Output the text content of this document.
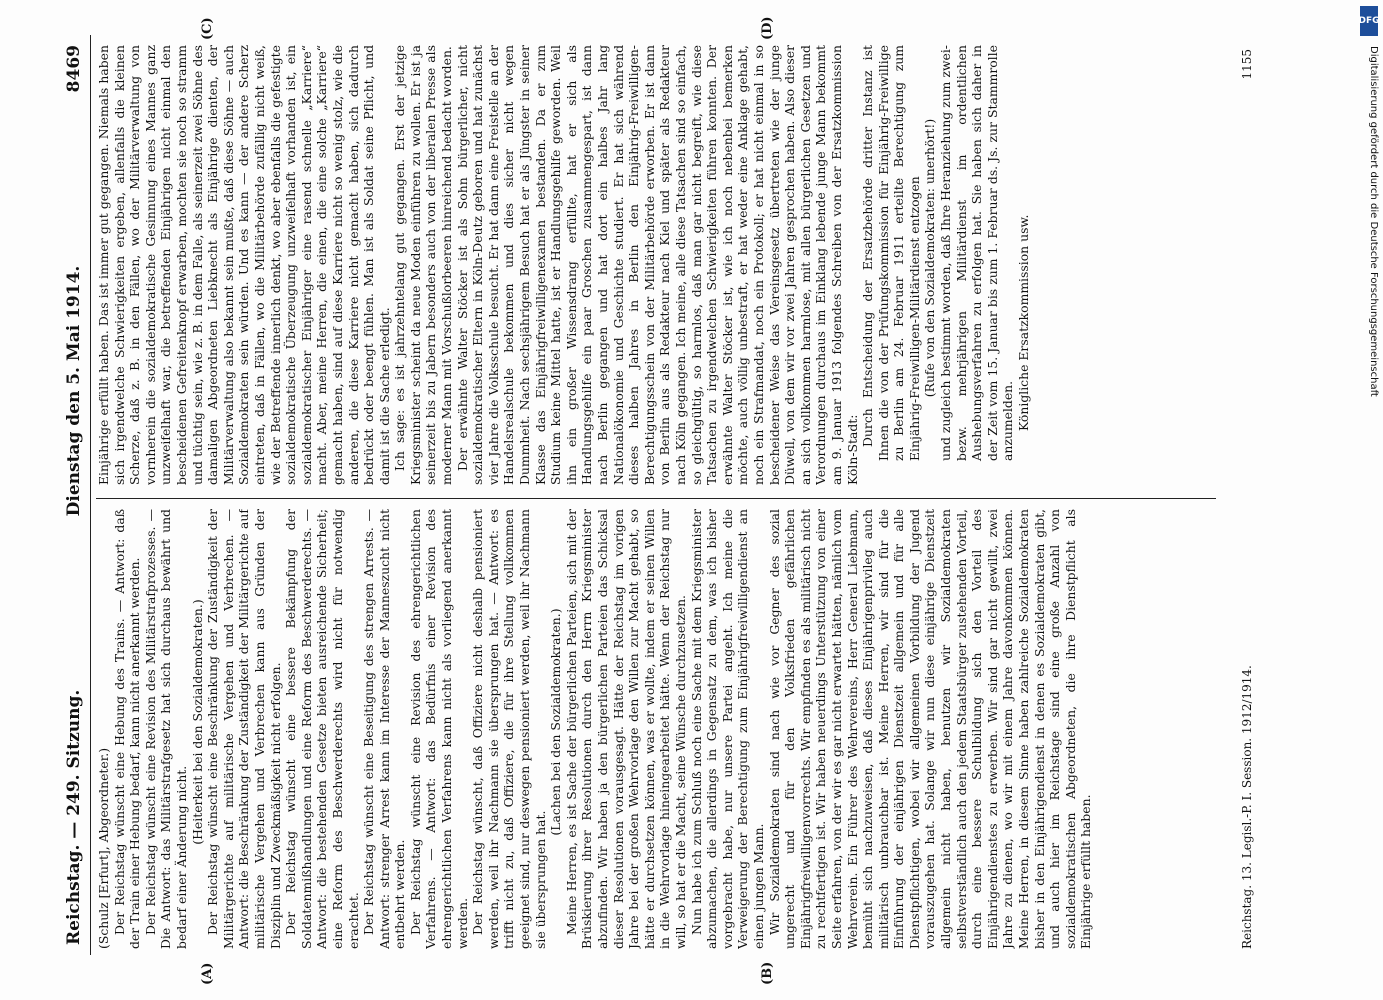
Reichstag. — 249. Sitzung.
Dienstag den 5. Mai 1914.
8469

(Schulz [Erfurt], Abgeordneter.) Der Reichstag wünscht eine Hebung des Trains. — Antwort: daß der Train einer Hebung bedarf, kann nicht anerkannt werden. Der Reichstag wünscht eine Revision des Militärstrafprozesses. — Die Antwort: das Militärstrafgesetz hat sich durchaus bewährt und bedarf einer Änderung nicht.

(Heiterkeit bei den Sozialdemokraten.) Der Reichstag wünscht eine Beschränkung der Zuständigkeit der Militärgerichte auf militärische Vergehen und Verbrechen. — Antwort: die Beschränkung der Zuständigkeit der Militärgerichte auf militärische Vergehen und Verbrechen kann aus Gründen der Disziplin und Zweckmäßigkeit nicht erfolgen. Der Reichstag wünscht eine bessere Bekämpfung der Soldatenmißhandlungen und eine Reform des Beschwerderechts. — Antwort: die bestehenden Gesetze bieten ausreichende Sicherheit; eine Reform des Beschwerderechts wird nicht für notwendig erachtet. Der Reichstag wünscht eine Beseitigung des strengen Arrests. — Antwort: strenger Arrest kann im Interesse der Manneszucht nicht entbehrt werden. Der Reichstag wünscht eine Revision des ehrengerichtlichen Verfahrens. — Antwort: das Bedürfnis einer Revision des ehrengerichtlichen Verfahrens kann nicht als vorliegend anerkannt werden. Der Reichstag wünscht, daß Offiziere nicht deshalb pensioniert werden, weil ihr Nachmann sie übersprungen hat. — Antwort: es trifft nicht zu, daß Offiziere, die für ihre Stellung vollkommen geeignet sind, nur deswegen pensioniert werden, weil ihr Nachmann sie übersprungen hat.

(Lachen bei den Sozialdemokraten.) Meine Herren, es ist Sache der bürgerlichen Parteien, sich mit der Brüskierung ihrer Resolutionen durch den Herrn Kriegsminister abzufinden. Wir haben ja den bürgerlichen Parteien das Schicksal dieser Resolutionen vorausgesagt. Hätte der Reichstag im vorigen Jahre bei der großen Wehrvorlage den Willen zur Macht gehabt, so hätte er durchsetzen können, was er wollte, indem er seinen Willen in die Wehrvorlage hineingearbeitet hätte. Wenn der Reichstag nur will, so hat er die Macht, seine Wünsche durchzusetzen. Nun habe ich zum Schluß noch eine Sache mit dem Kriegsminister abzumachen, die allerdings in Gegensatz zu dem, was ich bisher vorgebracht habe, nur unsere Partei angeht. Ich meine die Verweigerung der Berechtigung zum Einjährigfreiwilligendienst an einen jungen Mann. Wir Sozialdemokraten sind nach wie vor Gegner des sozial ungerecht und für den Volksfrieden gefährlichen Einjährigfreiwilligenvorrechts. Wir empfinden es als militärisch nicht zu rechtfertigen ist. Wir haben neuerdings Unterstützung von einer Seite erfahren, von der wir es gar nicht erwartet hätten, nämlich vom Wehrverein. Ein Führer des Wehrvereins, Herr General Liebmann, bemüht sich nachzuweisen, daß dieses Einjährigenprivileg auch militärisch unbrauchbar ist. Meine Herren, wir sind für die Einführung der einjährigen Dienstzeit allgemein und für alle Dienstpflichtigen, wobei wir allgemeinen Vorbildung der Jugend vorauszugehen hat. Solange wir nun diese einjährige Dienstzeit allgemein nicht haben, benutzen wir Sozialdemokraten selbstverständlich auch den jedem Staatsbürger zustehenden Vorteil, durch eine bessere Schulbildung sich den Vorteil des Einjährigendienstes zu erwerben. Wir sind gar nicht gewillt, zwei Jahre zu dienen, wo wir mit einem Jahre davonkommen können. Meine Herren, in diesem Sinne haben zahlreiche Sozialdemokraten bisher in den Einjährigendienst in denen es Sozialdemokraten gibt, und auch hier im Reichstage sind eine große Anzahl von sozialdemokratischen Abgeordneten, die ihre Dienstpflicht als Einjährige erfüllt haben.

Einjährige erfüllt haben. Das ist immer gut gegangen. Niemals haben sich irgendwelche Schwierigkeiten ergeben, allenfalls die kleinen Scherze, daß z. B. in den Fällen, wo der Militärverwaltung von vornherein die sozialdemokratische Gesinnung eines Mannes ganz unzweifelhaft war, die betreffenden Einjährigen nicht einmal den bescheidenen Gefreitenknopf erwarben, mochten sie noch so stramm und tüchtig sein, wie z. B. in dem Falle, als seinerzeit zwei Söhne des damaligen Abgeordneten Liebknecht als Einjährige dienten, der Militärverwaltung also bekannt sein mußte, daß diese Söhne — auch Sozialdemokraten sein würden. Und es kann — der andere Scherz eintreten, daß in Fällen, wo die Militärbehörde zufällig nicht weiß, wie der Betreffende innerlich denkt, wo aber ebenfalls die gefestigte sozialdemokratische Überzeugung unzweifelhaft vorhanden ist, ein sozialdemokratischer Einjähriger eine rasend schnelle „Karriere“ macht. Aber, meine Herren, die einen, die eine solche „Karriere“ gemacht haben, sind auf diese Karriere nicht so wenig stolz, wie die anderen, die diese Karriere nicht gemacht haben, sich dadurch bedrückt oder beengt fühlen. Man ist als Soldat seine Pflicht, und damit ist die Sache erledigt. Ich sage: es ist jahrzehntelang gut gegangen. Erst der jetzige Kriegsminister scheint da neue Moden einführen zu wollen. Er ist ja seinerzeit bis zu Jabern besonders auch von der liberalen Presse als moderner Mann mit Vorschußlorbeeren hinreichend bedacht worden. Der erwähnte Walter Stöcker ist als Sohn bürgerlicher, nicht sozialdemokratischer Eltern in Köln-Deutz geboren und hat zunächst vier Jahre die Volksschule besucht. Er hat dann eine Freistelle an der Handelsrealschule bekommen und dies sicher nicht wegen Dummheit. Nach sechsjährigem Besuch hat er als Jüngster in seiner Klasse das Einjährigfreiwilligenexamen bestanden. Da er zum Studium keine Mittel hatte, ist er Handlungsgehilfe geworden. Weil ihn ein großer Wissensdrang erfüllte, hat er sich als Handlungsgehilfe ein paar Groschen zusammengespart, ist dann nach Berlin gegangen und hat dort ein halbes Jahr lang Nationalökonomie und Geschichte studiert. Er hat sich während dieses halben Jahres in Berlin den Einjährig-Freiwilligen-Berechtigungsschein von der Militärbehörde erworben. Er ist dann von Berlin aus als Redakteur nach Kiel und später als Redakteur nach Köln gegangen. Ich meine, alle diese Tatsachen sind so einfach, so gleichgültig, so harmlos, daß man gar nicht begreift, wie diese Tatsachen zu irgendwelchen Schwierigkeiten führen konnten. Der erwähnte Walter Stöcker ist, wie ich noch nebenbei bemerken möchte, auch völlig unbestraft, er hat weder eine Anklage gehabt, noch ein Strafmandat, noch ein Protokoll; er hat nicht einmal in so bescheidener Weise das Vereinsgesetz übertreten wie der junge Düwell, von dem wir vor zwei Jahren gesprochen haben. Also dieser an sich vollkommen harmlose, mit allen bürgerlichen Gesetzen und Verordnungen durchaus im Einklang lebende junge Mann bekommt am 9. Januar 1913 folgendes Schreiben von der Ersatzkommission Köln-Stadt:

Durch Entscheidung der Ersatzbehörde dritter Instanz ist Ihnen die von der Prüfungskommission für Einjährig-Freiwillige zu Berlin am 24. Februar 1911 erteilte Berechtigung zum Einjährig-Freiwilligen-Militärdienst entzogen (Rufe von den Sozialdemokraten: unerhört!) und zugleich bestimmt worden, daß Ihre Heranziehung zum zwei- bezw. mehrjährigen Militärdienst im ordentlichen Aushebungsverfahren zu erfolgen hat. Sie haben sich daher in der Zeit vom 15. Januar bis zum 1. Februar ds. Js. zur Stammrolle anzumelden. Königliche Ersatzkommission usw.

(A)	(B)
(C)	(D)
Reichstag. 13. Legisl.-P. I. Session. 1912/1914.
1155
DFG
Digitalisierung gefördert durch die Deutsche Forschungsgemeinschaft
